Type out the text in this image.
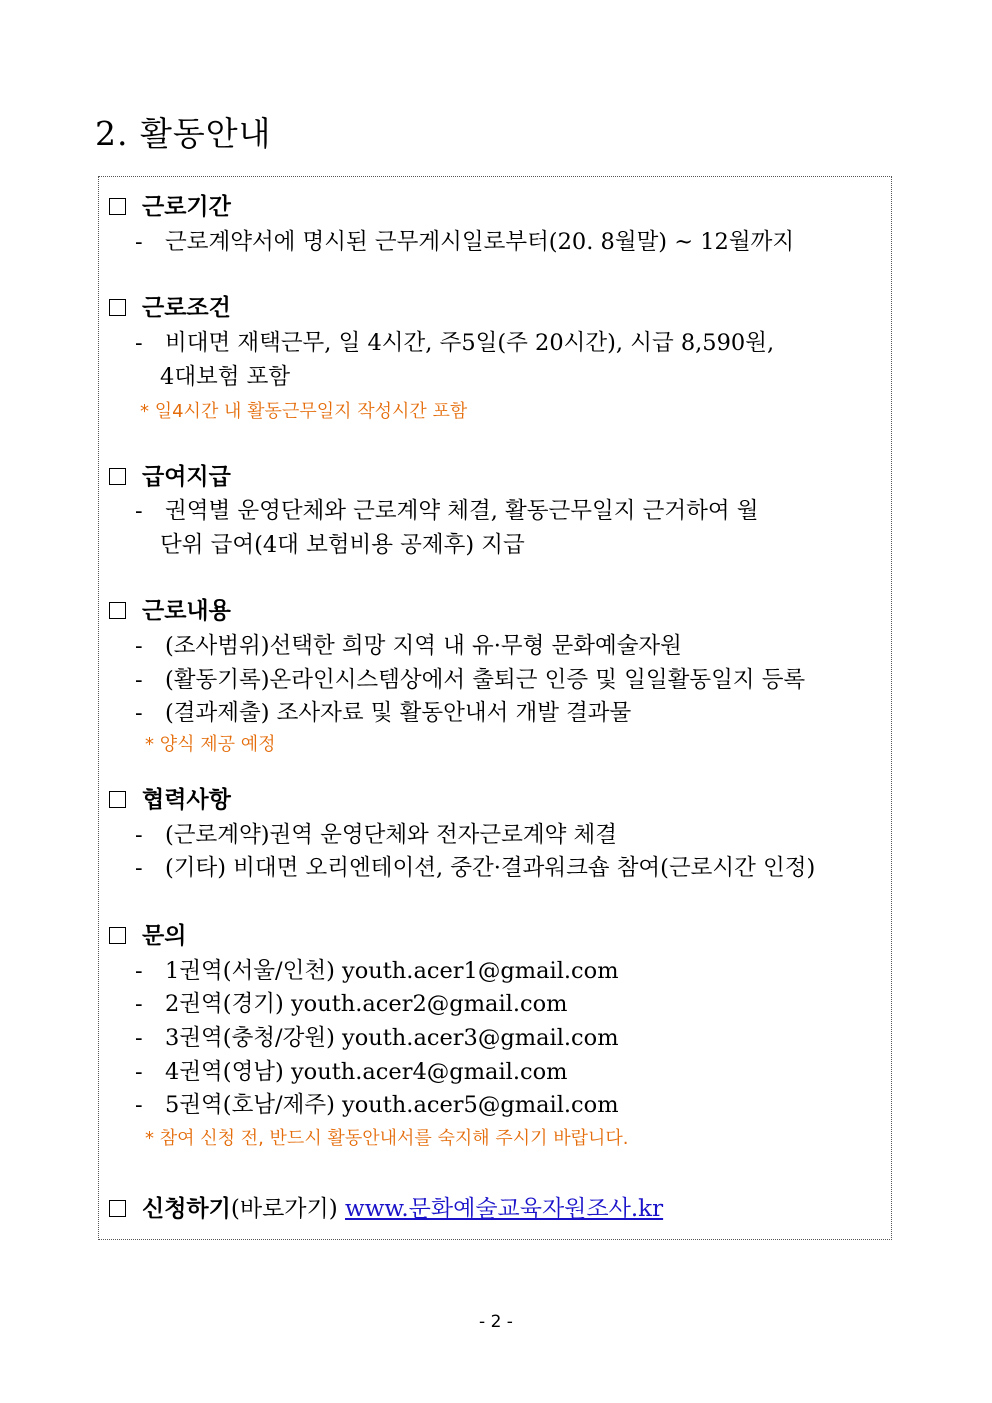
2. 활동안내
근로기간
- 근로계약서에 명시된 근무게시일로부터(20. 8월말) ~ 12월까지
근로조건
- 비대면 재택근무, 일 4시간, 주5일(주 20시간), 시급 8,590원,
4대보험 포함
* 일4시간 내 활동근무일지 작성시간 포함
급여지급
- 권역별 운영단체와 근로계약 체결, 활동근무일지 근거하여 월
단위 급여(4대 보험비용 공제후) 지급
근로내용
- (조사범위)선택한 희망 지역 내 유·무형 문화예술자원
- (활동기록)온라인시스템상에서 출퇴근 인증 및 일일활동일지 등록
- (결과제출) 조사자료 및 활동안내서 개발 결과물
* 양식 제공 예정
협력사항
- (근로계약)권역 운영단체와 전자근로계약 체결
- (기타) 비대면 오리엔테이션, 중간·결과워크숍 참여(근로시간 인정)
문의
- 1권역(서울/인천) youth.acer1@gmail.com
- 2권역(경기) youth.acer2@gmail.com
- 3권역(충청/강원) youth.acer3@gmail.com
- 4권역(영남) youth.acer4@gmail.com
- 5권역(호남/제주) youth.acer5@gmail.com
* 참여 신청 전, 반드시 활동안내서를 숙지해 주시기 바랍니다.
신청하기(바로가기) www.문화예술교육자원조사.kr
- 2 -
